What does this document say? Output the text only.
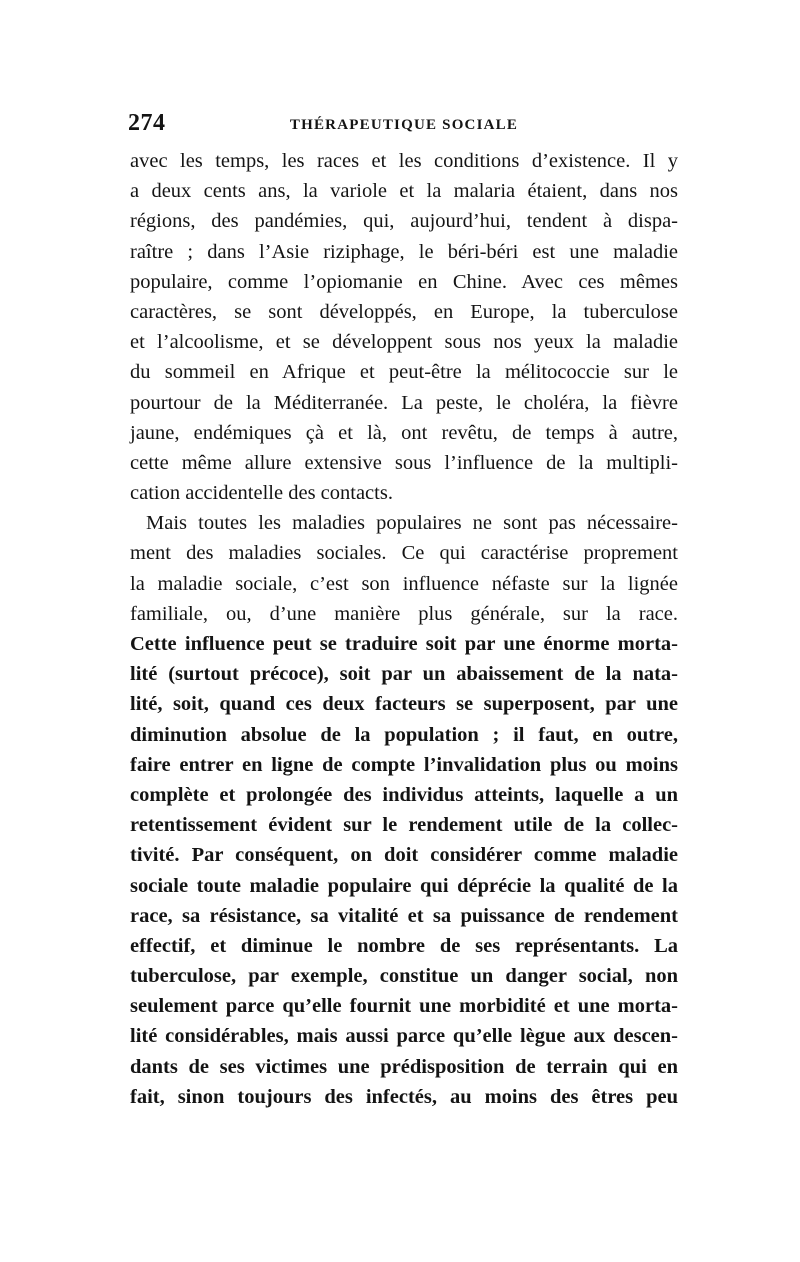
274	THÉRAPEUTIQUE SOCIALE
avec les temps, les races et les conditions d’existence. Il y
a deux cents ans, la variole et la malaria étaient, dans nos
régions, des pandémies, qui, aujourd’hui, tendent à dispa-
raître ; dans l’Asie riziphage, le béri-béri est une maladie
populaire, comme l’opiomanie en Chine. Avec ces mêmes
caractères, se sont développés, en Europe, la tuberculose
et l’alcoolisme, et se développent sous nos yeux la maladie
du sommeil en Afrique et peut-être la mélitococcie sur le
pourtour de la Méditerranée. La peste, le choléra, la fièvre
jaune, endémiques çà et là, ont revêtu, de temps à autre,
cette même allure extensive sous l’influence de la multipli-
cation accidentelle des contacts.
Mais toutes les maladies populaires ne sont pas nécessaire-
ment des maladies sociales. Ce qui caractérise proprement
la maladie sociale, c’est son influence néfaste sur la lignée
familiale, ou, d’une manière plus générale, sur la race.
Cette influence peut se traduire soit par une énorme morta-
lité (surtout précoce), soit par un abaissement de la nata-
lité, soit, quand ces deux facteurs se superposent, par une
diminution absolue de la population ; il faut, en outre,
faire entrer en ligne de compte l’invalidation plus ou moins
complète et prolongée des individus atteints, laquelle a un
retentissement évident sur le rendement utile de la collec-
tivité. Par conséquent, on doit considérer comme maladie
sociale toute maladie populaire qui déprécie la qualité de la
race, sa résistance, sa vitalité et sa puissance de rendement
effectif, et diminue le nombre de ses représentants. La
tuberculose, par exemple, constitue un danger social, non
seulement parce qu’elle fournit une morbidité et une morta-
lité considérables, mais aussi parce qu’elle lègue aux descen-
dants de ses victimes une prédisposition de terrain qui en
fait, sinon toujours des infectés, au moins des êtres peu
